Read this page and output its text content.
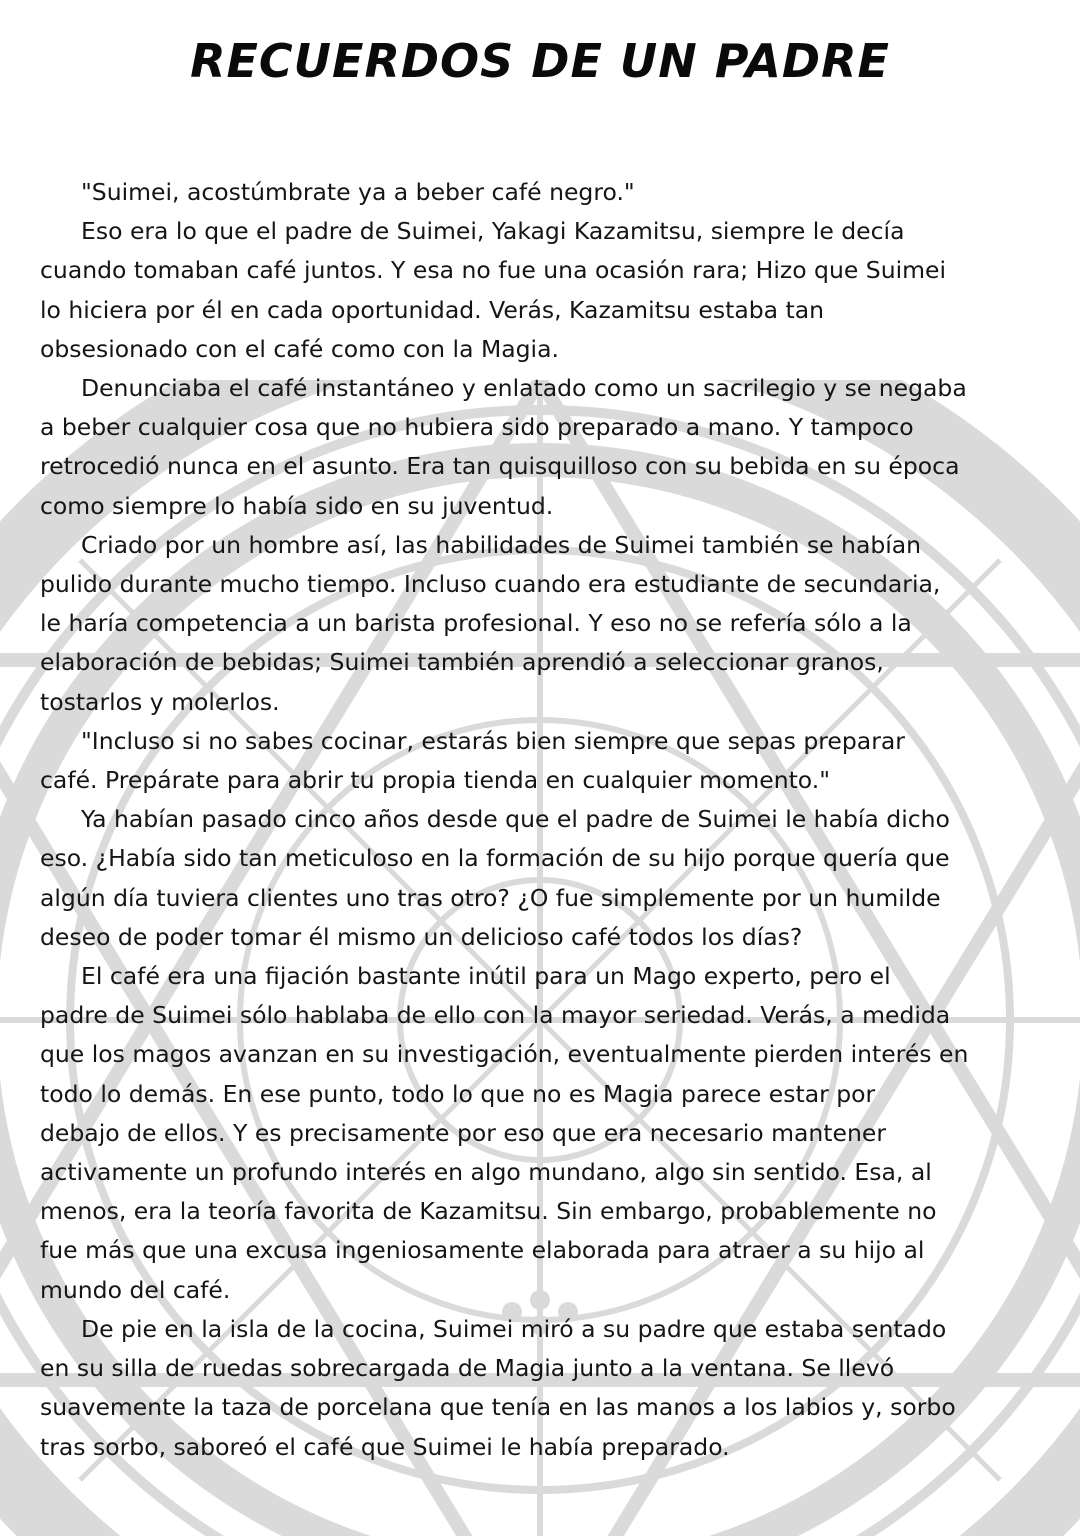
RECUERDOS DE UN PADRE

"Suimei, acostúmbrate ya a beber café negro."

Eso era lo que el padre de Suimei, Yakagi Kazamitsu, siempre le decía
cuando tomaban café juntos. Y esa no fue una ocasión rara; Hizo que Suimei
lo hiciera por él en cada oportunidad. Verás, Kazamitsu estaba tan
obsesionado con el café como con la Magia.

Denunciaba el café instantáneo y enlatado como un sacrilegio y se negaba
a beber cualquier cosa que no hubiera sido preparado a mano. Y tampoco
retrocedió nunca en el asunto. Era tan quisquilloso con su bebida en su época
como siempre lo había sido en su juventud.

Criado por un hombre así, las habilidades de Suimei también se habían
pulido durante mucho tiempo. Incluso cuando era estudiante de secundaria,
le haría competencia a un barista profesional. Y eso no se refería sólo a la
elaboración de bebidas; Suimei también aprendió a seleccionar granos,
tostarlos y molerlos.

"Incluso si no sabes cocinar, estarás bien siempre que sepas preparar
café. Prepárate para abrir tu propia tienda en cualquier momento."

Ya habían pasado cinco años desde que el padre de Suimei le había dicho
eso. ¿Había sido tan meticuloso en la formación de su hijo porque quería que
algún día tuviera clientes uno tras otro? ¿O fue simplemente por un humilde
deseo de poder tomar él mismo un delicioso café todos los días?

El café era una fijación bastante inútil para un Mago experto, pero el
padre de Suimei sólo hablaba de ello con la mayor seriedad. Verás, a medida
que los magos avanzan en su investigación, eventualmente pierden interés en
todo lo demás. En ese punto, todo lo que no es Magia parece estar por
debajo de ellos. Y es precisamente por eso que era necesario mantener
activamente un profundo interés en algo mundano, algo sin sentido. Esa, al
menos, era la teoría favorita de Kazamitsu. Sin embargo, probablemente no
fue más que una excusa ingeniosamente elaborada para atraer a su hijo al
mundo del café.

De pie en la isla de la cocina, Suimei miró a su padre que estaba sentado
en su silla de ruedas sobrecargada de Magia junto a la ventana. Se llevó
suavemente la taza de porcelana que tenía en las manos a los labios y, sorbo
tras sorbo, saboreó el café que Suimei le había preparado.
